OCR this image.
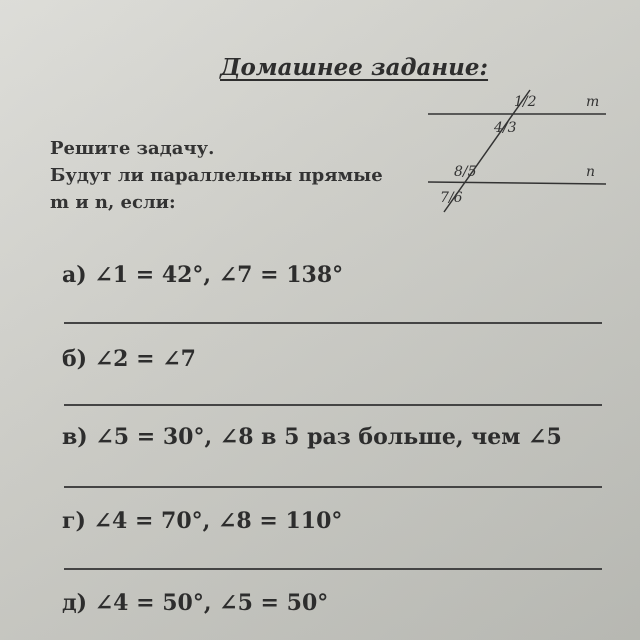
Домашнее задание:
Решите задачу.
Будут ли параллельны прямые
m и n, если:
m
n
1/2
4/3
8/5
7/6
а) ∠1 = 42°, ∠7 = 138°
б) ∠2 = ∠7
в) ∠5 = 30°, ∠8 в 5 раз больше, чем ∠5
г) ∠4 = 70°, ∠8 = 110°
д) ∠4 = 50°, ∠5 = 50°
